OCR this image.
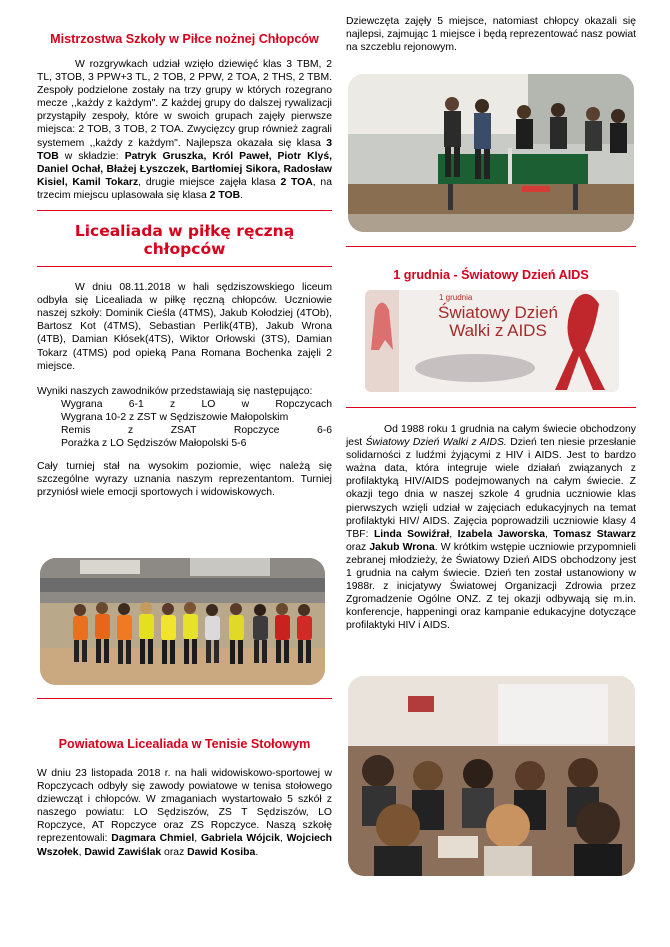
Mistrzostwa Szkoły w Piłce nożnej Chłopców

W rozgrywkach udział wzięło dziewięć klas 3 TBM, 2 TL, 3TOB, 3 PPW+3 TL, 2 TOB, 2 PPW, 2 TOA, 2 THS, 2 TBM. Zespoły podzielone zostały na trzy grupy w których rozegrano mecze ,,każdy z każdym". Z każdej grupy do dalszej rywalizacji przystąpiły zespoły, które w swoich grupach zajęły pierwsze miejsca: 2 TOB, 3 TOB, 2 TOA. Zwycięzcy grup również zagrali systemem ,,każdy z każdym". Najlepsza okazała się klasa 3 TOB w składzie: Patryk Gruszka, Król Paweł, Piotr Klyś, Daniel Ochał, Błażej Łyszczek, Bartłomiej Sikora, Radosław Kisiel, Kamil Tokarz, drugie miejsce zajęła klasa 2 TOA, na trzecim miejscu uplasowała się klasa 2 TOB.

Licealiada w piłkę ręczną chłopców

W dniu 08.11.2018 w hali sędziszowskiego liceum odbyła się Licealiada w piłkę ręczną chłopców. Uczniowie naszej szkoły: Dominik Cieśla (4TMS), Jakub Kołodziej (4TOb), Bartosz Kot (4TMS), Sebastian Perlik(4TB), Jakub Wrona (4TB), Damian Kłósek(4TS), Wiktor Orłowski (3TS), Damian Tokarz (4TMS) pod opieką Pana Romana Bochenka zajęli 2 miejsce.

Wyniki naszych zawodników przedstawiają się następująco:

Wygrana 6-1 z LO w Ropczycach
Wygrana 10-2 z ZST w Sędziszowie Małopolskim
Remis z ZSAT Ropczyce 6-6
Porażka z LO Sędziszów Małopolski 5-6

Cały turniej stał na wysokim poziomie, więc należą się szczególne wyrazy uznania naszym reprezentantom. Turniej przyniósł wiele emocji sportowych i widowiskowych.

Powiatowa Licealiada w Tenisie Stołowym

W dniu 23 listopada 2018 r. na hali widowiskowo-sportowej w Ropczycach odbyły się zawody powiatowe w tenisa stołowego dziewcząt i chłopców. W zmaganiach wystartowało 5 szkół z naszego powiatu: LO Sędziszów, ZS T Sędziszów, LO Ropczyce, AT Ropczyce oraz ZS Ropczyce. Naszą szkołę reprezentowali: Dagmara Chmiel, Gabriela Wójcik, Wojciech Wszołek, Dawid Zawiślak oraz Dawid Kosiba.

Dziewczęta zajęły 5 miejsce, natomiast chłopcy okazali się najlepsi, zajmując 1 miejsce i będą reprezentować nasz powiat na szczeblu rejonowym.

1 grudnia - Światowy Dzień AIDS
1 grudnia
Światowy Dzień
Walki z AIDS

Od 1988 roku 1 grudnia na całym świecie obchodzony jest Światowy Dzień Walki z AIDS. Dzień ten niesie przesłanie solidarności z ludźmi żyjącymi z HIV i AIDS. Jest to bardzo ważna data, która integruje wiele działań związanych z profilaktyką HIV/AIDS podejmowanych na całym świecie. Z okazji tego dnia w naszej szkole 4 grudnia uczniowie klas pierwszych wzięli udział w zajęciach edukacyjnych na temat profilaktyki HIV/ AIDS. Zajęcia poprowadzili uczniowie klasy 4 TBF: Linda Sowiźrał, Izabela Jaworska, Tomasz Stawarz oraz Jakub Wrona. W krótkim wstępie uczniowie przypomnieli zebranej młodzieży, że Światowy Dzień AIDS obchodzony jest 1 grudnia na całym świecie. Dzień ten został ustanowiony w 1988r. z inicjatywy Światowej Organizacji Zdrowia przez Zgromadzenie Ogólne ONZ. Z tej okazji odbywają się m.in. konferencje, happeningi oraz kampanie edukacyjne dotyczące profilaktyki HIV i AIDS.
